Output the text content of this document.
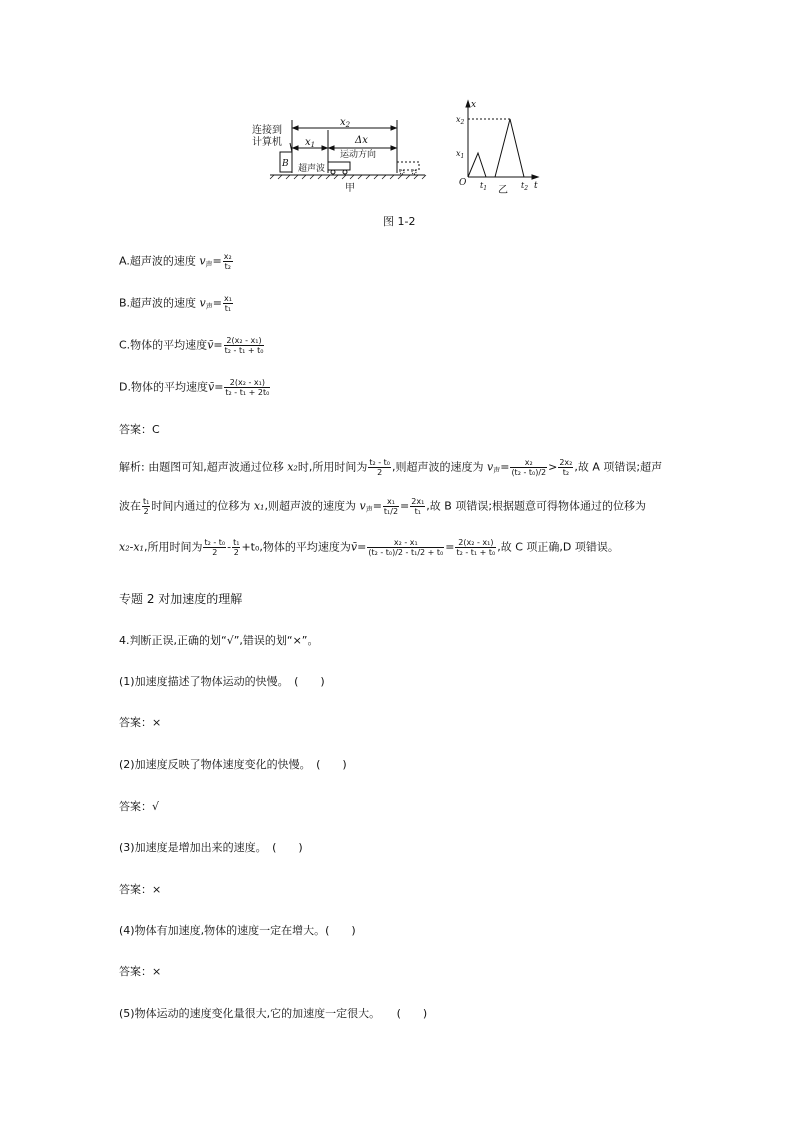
连接到
计算机
B
$x_2$
$x_1$	Δx
运动方向
超声波
甲
x
t
O
$x_2$
$x_1$
$t_1$	$t_2$
乙
图 1-2
A.超声波的速度 $v_声= \frac{\text{x₂}}{\text{t₂}}$
B.超声波的速度 $v_声= \frac{\text{x₁}}{\text{t₁}}$
C.物体的平均速度v̄= $\frac{\text{2(x₂ - x₁)}}{\text{t₂ - t₁ + t₀}}$
D.物体的平均速度v̄= $\frac{\text{2(x₂ - x₁)}}{\text{t₂ - t₁ + 2t₀}}$
答案：C
解析: 由题图可知,超声波通过位移 x₂时,所用时间为 $\frac{\text{t₂ - t₀}}{2}$ ,则超声波的速度为 $v_声= \frac{\text{x₂}}{\text{(t₂ - t₀)/2}} > \frac{\text{2x₂}}{\text{t₂}}$ ,故 A 项错误;超声
波在 $\frac{\text{t₁}}{2}$ 时间内通过的位移为 x₁,则超声波的速度为 $v_声= \frac{\text{x₁}}{\text{t₁/2}} = \frac{\text{2x₁}}{\text{t₁}}$ ,故 B 项错误;根据题意可得物体通过的位移为
x₂-x₁,所用时间为 $\frac{\text{t₂ - t₀}}{2} - \frac{\text{t₁}}{2} +t_0$,物体的平均速度为v̄= $\frac{\text{x₂ - x₁}}{\text{(t₂ - t₀)/2 - t₁/2 + t₀}} = \frac{\text{2(x₂ - x₁)}}{\text{t₂ - t₁ + t₀}}$ ,故 C 项正确,D 项错误。
专题 2 对加速度的理解
4.判断正误,正确的划“√”,错误的划“×”。
(1)加速度描述了物体运动的快慢。　(　　)
答案：×
(2)加速度反映了物体速度变化的快慢。　(　　)
答案：√
(3)加速度是增加出来的速度。　(　　)
答案：×
(4)物体有加速度,物体的速度一定在增大。(　　)
答案：×
(5)物体运动的速度变化量很大,它的加速度一定很大。　　(　　)
